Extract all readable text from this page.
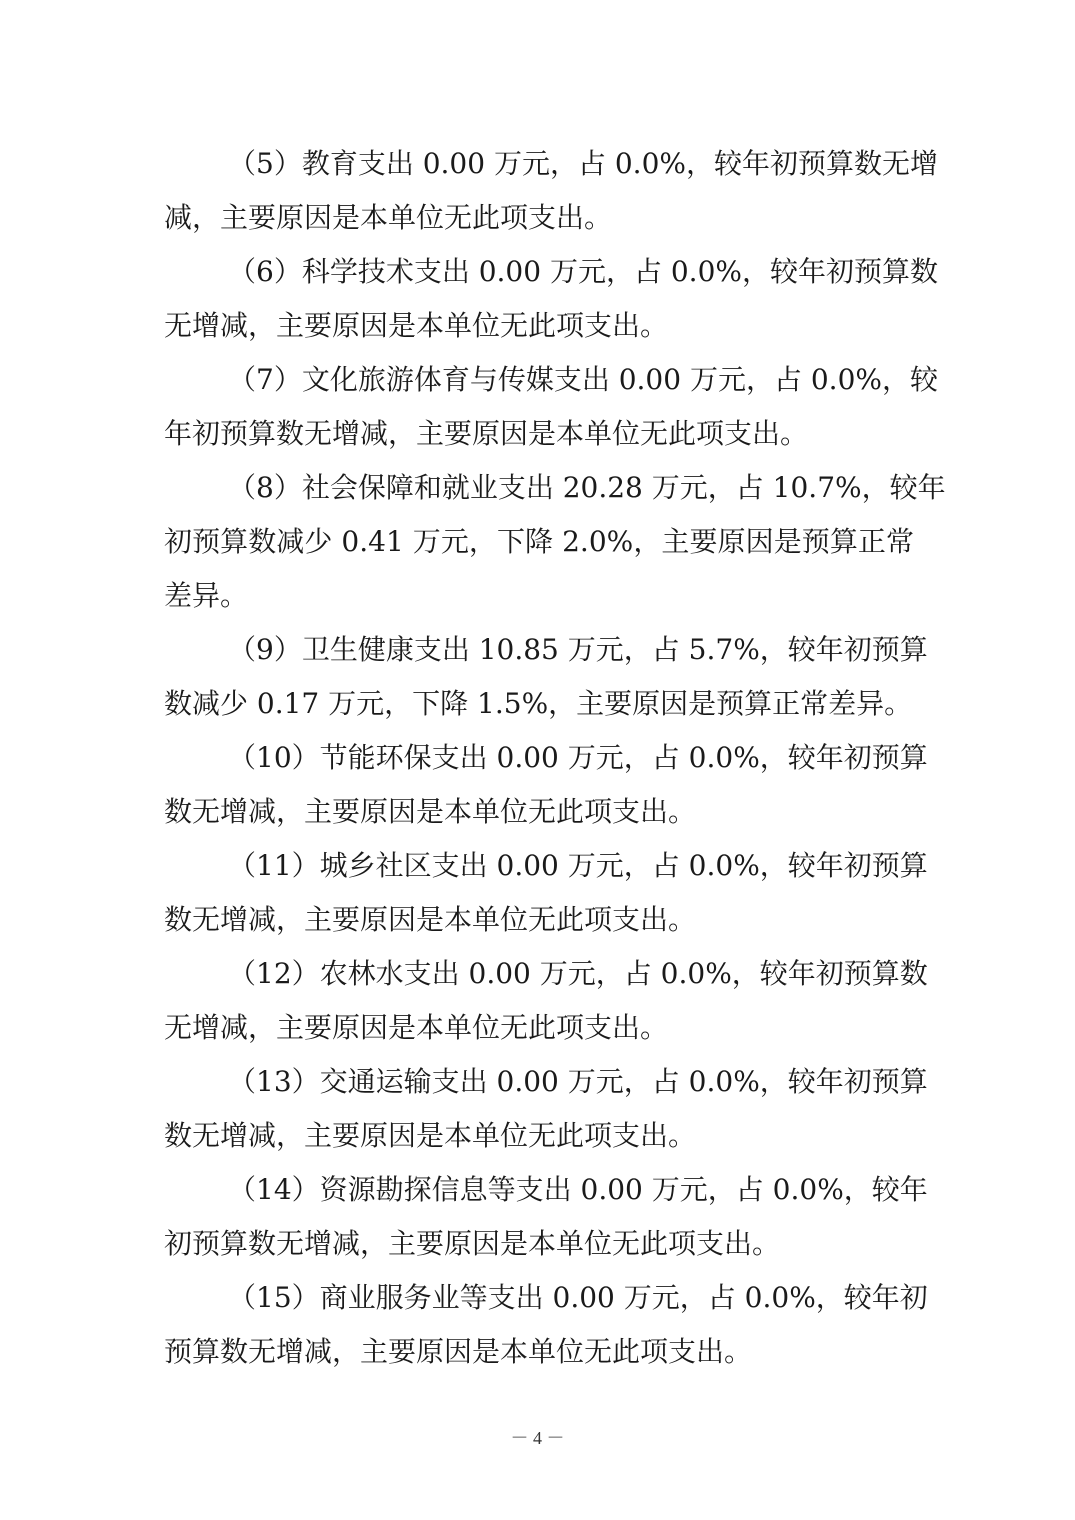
（5）教育支出 0.00 万元，占 0.0%，较年初预算数无增
减，主要原因是本单位无此项支出。
（6）科学技术支出 0.00 万元，占 0.0%，较年初预算数
无增减，主要原因是本单位无此项支出。
（7）文化旅游体育与传媒支出 0.00 万元，占 0.0%，较
年初预算数无增减，主要原因是本单位无此项支出。
（8）社会保障和就业支出 20.28 万元，占 10.7%，较年
初预算数减少 0.41 万元，下降 2.0%，主要原因是预算正常
差异。
（9）卫生健康支出 10.85 万元，占 5.7%，较年初预算
数减少 0.17 万元，下降 1.5%，主要原因是预算正常差异。
（10）节能环保支出 0.00 万元，占 0.0%，较年初预算
数无增减，主要原因是本单位无此项支出。
（11）城乡社区支出 0.00 万元，占 0.0%，较年初预算
数无增减，主要原因是本单位无此项支出。
（12）农林水支出 0.00 万元，占 0.0%，较年初预算数
无增减，主要原因是本单位无此项支出。
（13）交通运输支出 0.00 万元，占 0.0%，较年初预算
数无增减，主要原因是本单位无此项支出。
（14）资源勘探信息等支出 0.00 万元，占 0.0%，较年
初预算数无增减，主要原因是本单位无此项支出。
（15）商业服务业等支出 0.00 万元，占 0.0%，较年初
预算数无增减，主要原因是本单位无此项支出。
－ 4 －
